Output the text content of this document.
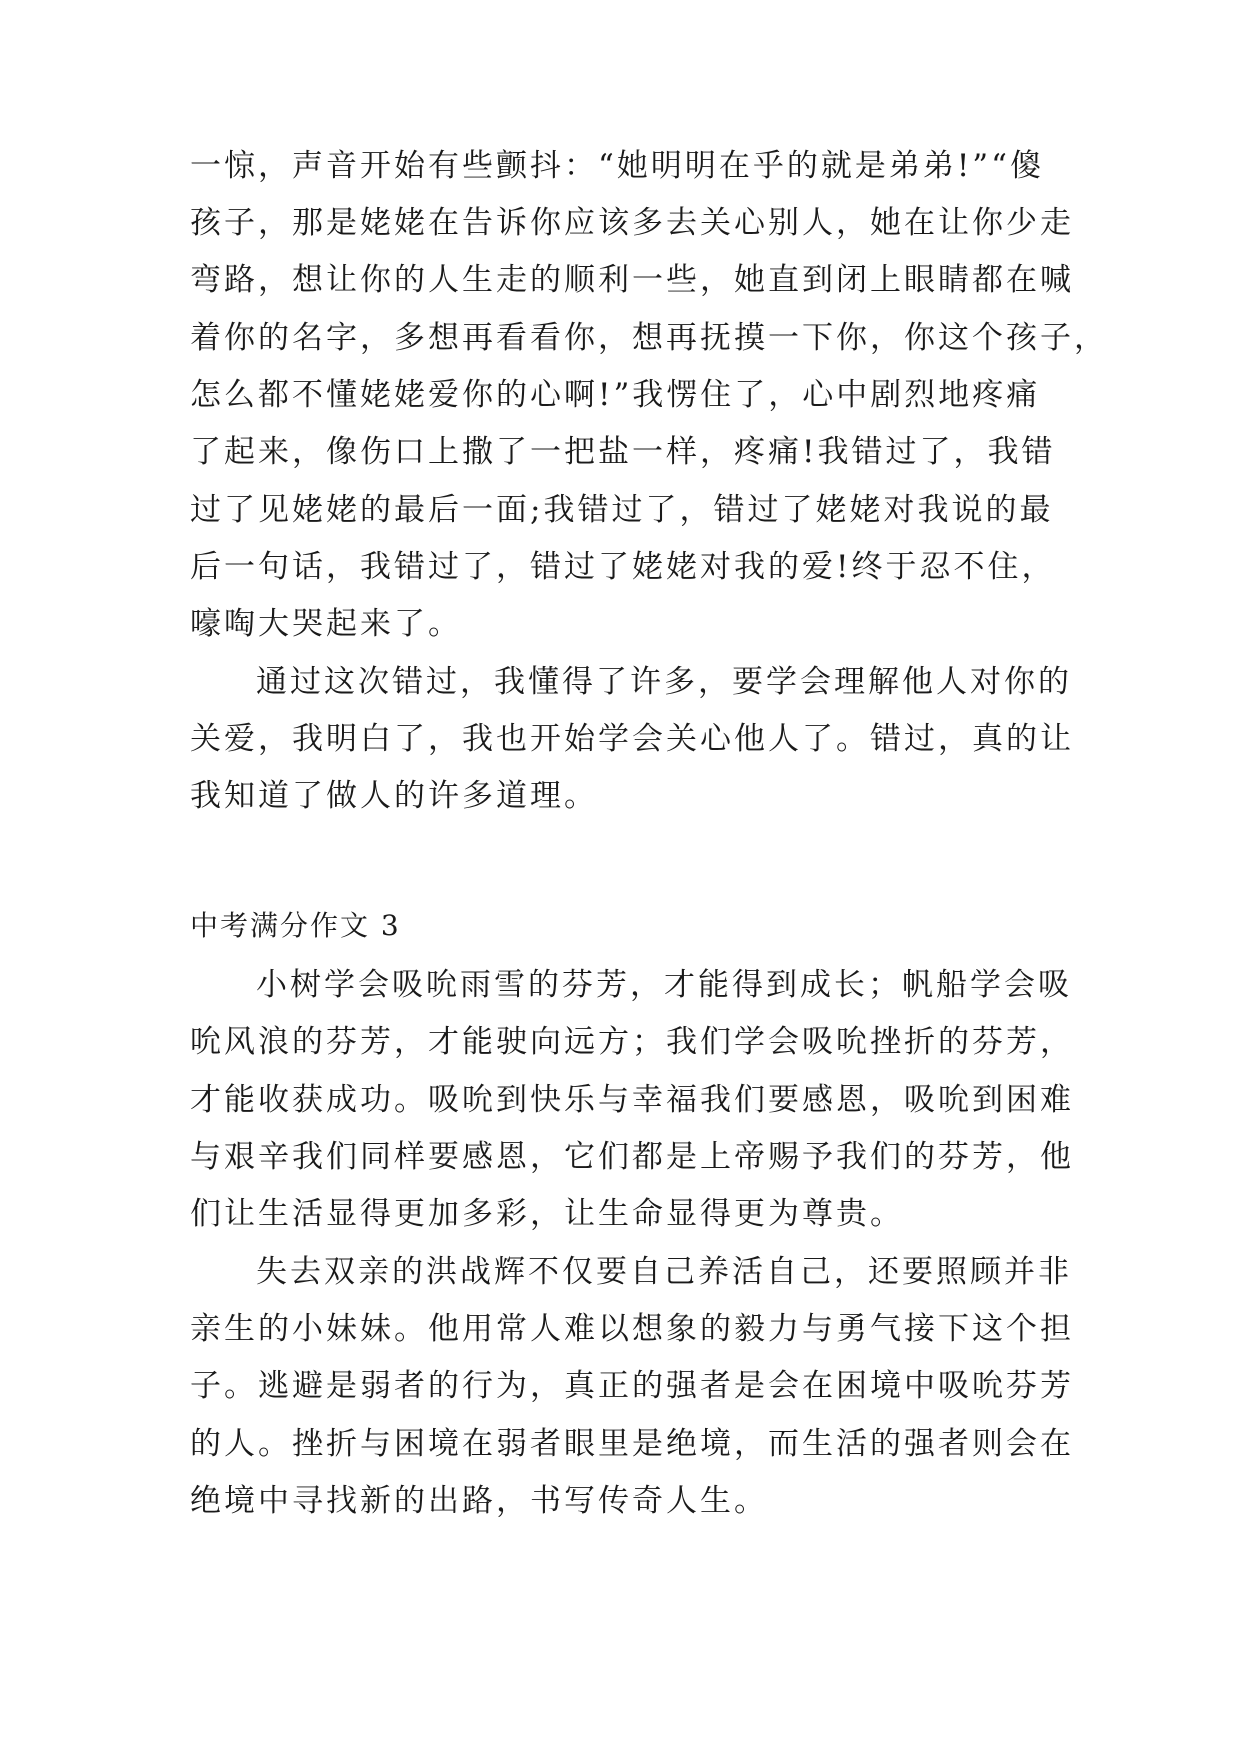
一惊，声音开始有些颤抖：“她明明在乎的就是弟弟!”“傻
孩子，那是姥姥在告诉你应该多去关心别人，她在让你少走
弯路，想让你的人生走的顺利一些，她直到闭上眼睛都在喊
着你的名字，多想再看看你，想再抚摸一下你，你这个孩子，
怎么都不懂姥姥爱你的心啊!”我愣住了，心中剧烈地疼痛
了起来，像伤口上撒了一把盐一样，疼痛!我错过了，我错
过了见姥姥的最后一面;我错过了，错过了姥姥对我说的最
后一句话，我错过了，错过了姥姥对我的爱!终于忍不住，
嚎啕大哭起来了。
通过这次错过，我懂得了许多，要学会理解他人对你的
关爱，我明白了，我也开始学会关心他人了。错过，真的让
我知道了做人的许多道理。
中考满分作文 3
小树学会吸吮雨雪的芬芳，才能得到成长；帆船学会吸
吮风浪的芬芳，才能驶向远方；我们学会吸吮挫折的芬芳，
才能收获成功。吸吮到快乐与幸福我们要感恩，吸吮到困难
与艰辛我们同样要感恩，它们都是上帝赐予我们的芬芳，他
们让生活显得更加多彩，让生命显得更为尊贵。
失去双亲的洪战辉不仅要自己养活自己，还要照顾并非
亲生的小妹妹。他用常人难以想象的毅力与勇气接下这个担
子。逃避是弱者的行为，真正的强者是会在困境中吸吮芬芳
的人。挫折与困境在弱者眼里是绝境，而生活的强者则会在
绝境中寻找新的出路，书写传奇人生。
